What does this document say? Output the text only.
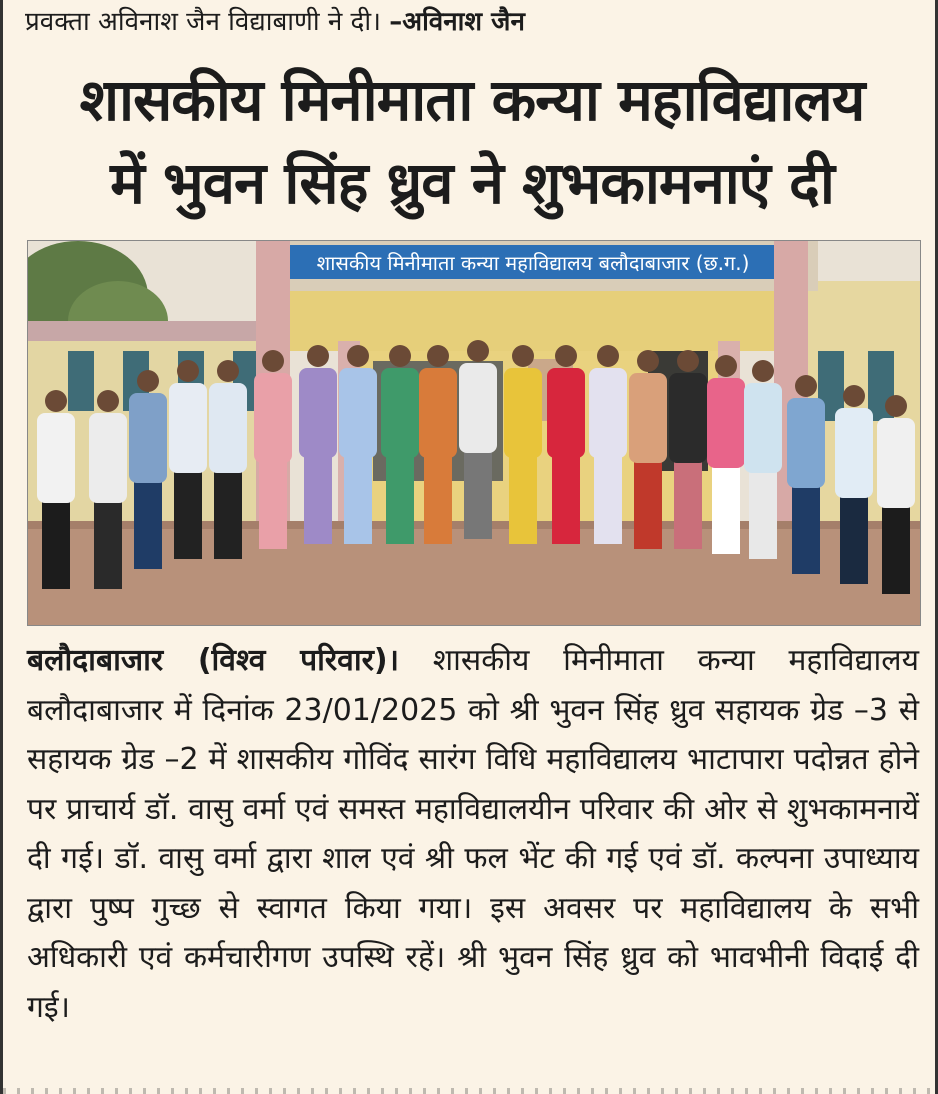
प्रवक्ता अविनाश जैन विद्याबाणी ने दी। –अविनाश जैन
शासकीय मिनीमाता कन्या महाविद्यालय
में भुवन सिंह ध्रुव ने शुभकामनाएं दी
शासकीय मिनीमाता कन्या महाविद्यालय बलौदाबाजार (छ.ग.)
बलौदाबाजार (विश्व परिवार)। शासकीय मिनीमाता कन्या महाविद्यालय बलौदाबाजार में दिनांक 23/01/2025 को श्री भुवन सिंह ध्रुव सहायक ग्रेड –3 से सहायक ग्रेड –2 में शासकीय गोविंद सारंग विधि महाविद्यालय भाटापारा पदोन्नत होने पर प्राचार्य डॉ. वासु वर्मा एवं समस्त महाविद्यालयीन परिवार की ओर से शुभकामनायें दी गई। डॉ. वासु वर्मा द्वारा शाल एवं श्री फल भेंट की गई एवं डॉ. कल्पना उपाध्याय द्वारा पुष्प गुच्छ से स्वागत किया गया। इस अवसर पर महाविद्यालय के सभी अधिकारी एवं कर्मचारीगण उपस्थि रहें। श्री भुवन सिंह ध्रुव को भावभीनी विदाई दी गई।
